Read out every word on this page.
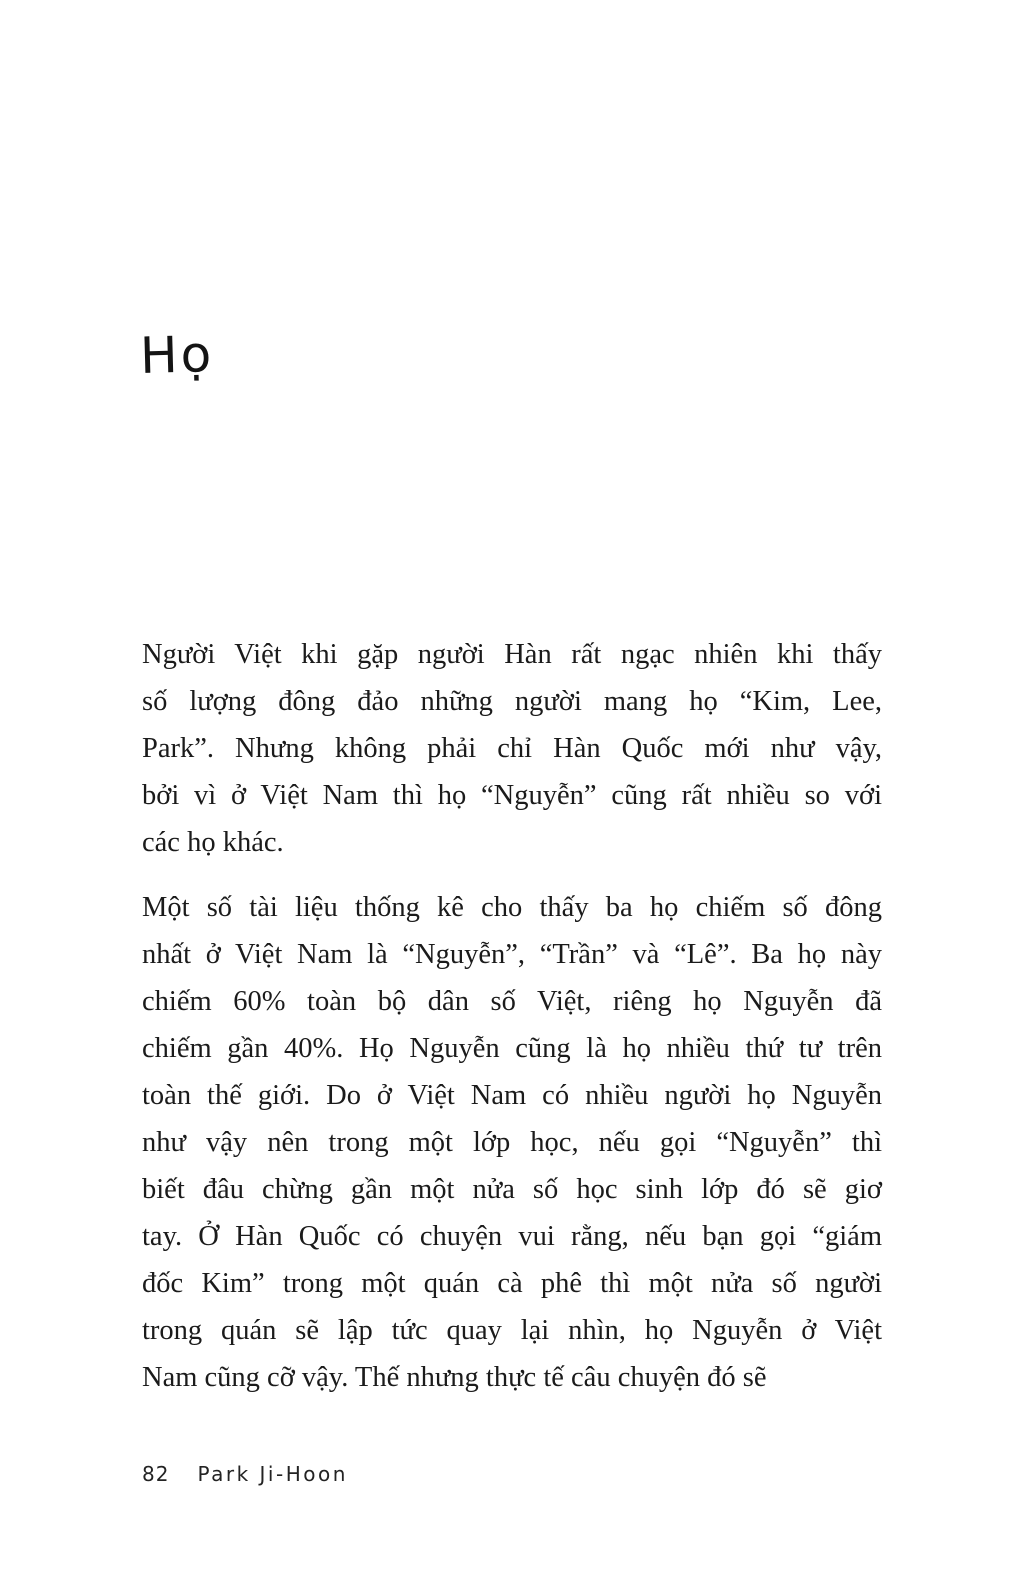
Họ
Người Việt khi gặp người Hàn rất ngạc nhiên khi thấy
số lượng đông đảo những người mang họ “Kim, Lee,
Park”. Nhưng không phải chỉ Hàn Quốc mới như vậy,
bởi vì ở Việt Nam thì họ “Nguyễn” cũng rất nhiều so với
các họ khác.
Một số tài liệu thống kê cho thấy ba họ chiếm số đông
nhất ở Việt Nam là “Nguyễn”, “Trần” và “Lê”. Ba họ này
chiếm 60% toàn bộ dân số Việt, riêng họ Nguyễn đã
chiếm gần 40%. Họ Nguyễn cũng là họ nhiều thứ tư trên
toàn thế giới. Do ở Việt Nam có nhiều người họ Nguyễn
như vậy nên trong một lớp học, nếu gọi “Nguyễn” thì
biết đâu chừng gần một nửa số học sinh lớp đó sẽ giơ
tay. Ở Hàn Quốc có chuyện vui rằng, nếu bạn gọi “giám
đốc Kim” trong một quán cà phê thì một nửa số người
trong quán sẽ lập tức quay lại nhìn, họ Nguyễn ở Việt
Nam cũng cỡ vậy. Thế nhưng thực tế câu chuyện đó sẽ
82 Park Ji-Hoon
